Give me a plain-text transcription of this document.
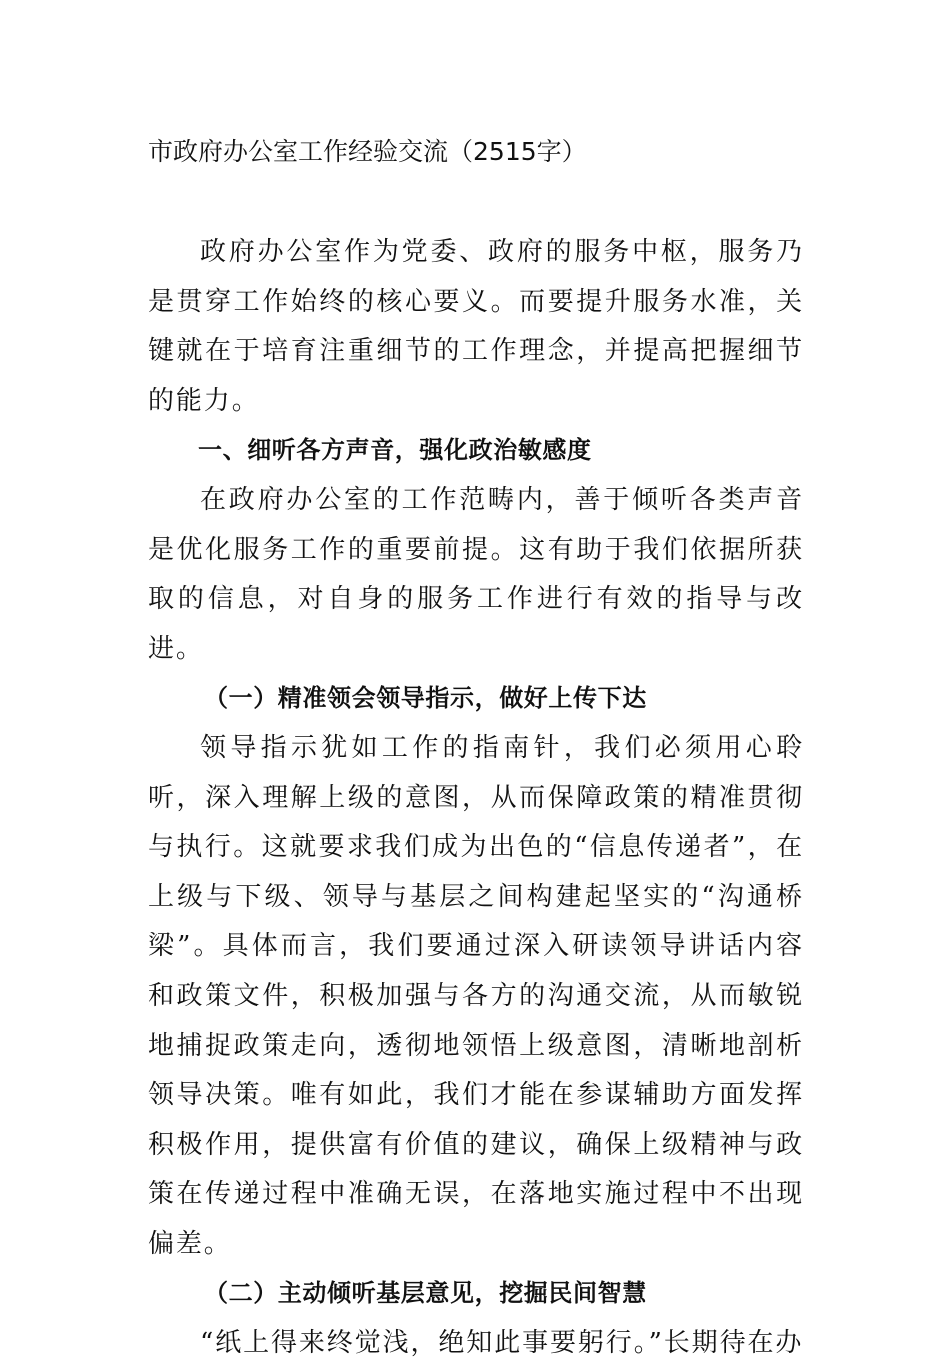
市政府办公室工作经验交流（2515字）

政府办公室作为党委、政府的服务中枢，服务乃是贯穿工作始终的核心要义。而要提升服务水准，关键就在于培育注重细节的工作理念，并提高把握细节的能力。

一、细听各方声音，强化政治敏感度

在政府办公室的工作范畴内，善于倾听各类声音是优化服务工作的重要前提。这有助于我们依据所获取的信息，对自身的服务工作进行有效的指导与改进。

（一）精准领会领导指示，做好上传下达

领导指示犹如工作的指南针，我们必须用心聆听，深入理解上级的意图，从而保障政策的精准贯彻与执行。这就要求我们成为出色的“信息传递者”，在上级与下级、领导与基层之间构建起坚实的“沟通桥梁”。具体而言，我们要通过深入研读领导讲话内容和政策文件，积极加强与各方的沟通交流，从而敏锐地捕捉政策走向，透彻地领悟上级意图，清晰地剖析领导决策。唯有如此，我们才能在参谋辅助方面发挥积极作用，提供富有价值的建议，确保上级精神与政策在传递过程中准确无误，在落地实施过程中不出现偏差。

（二）主动倾听基层意见，挖掘民间智慧

“纸上得来终觉浅，绝知此事要躬行。”长期待在办
